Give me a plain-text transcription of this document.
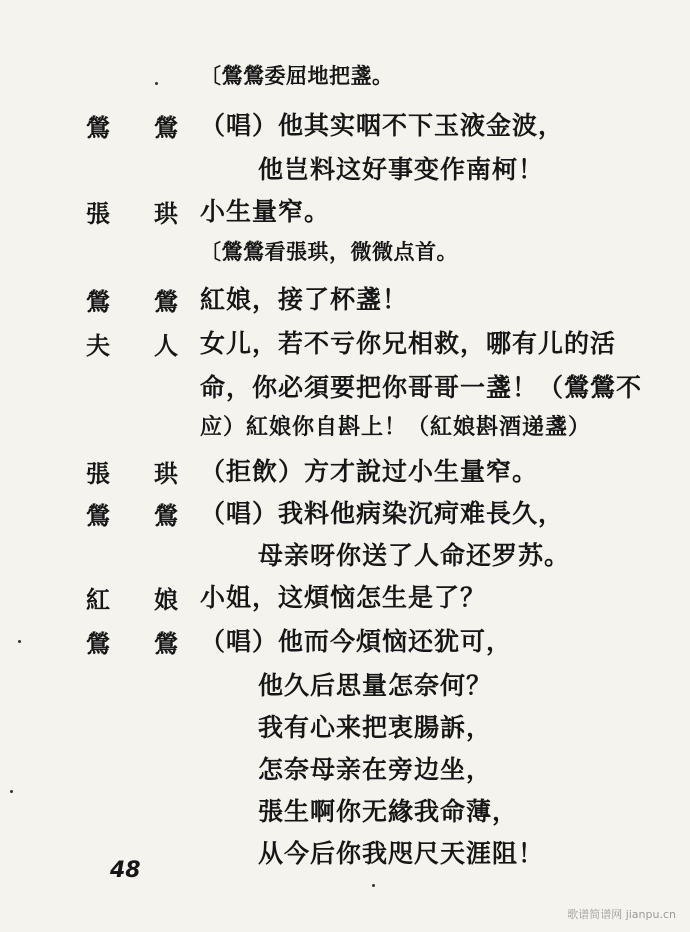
〔鶯鶯委屈地把盞。
鶯 鶯 （唱）他其实咽不下玉液金波，
他岂料这好事变作南柯！
張 珙 小生量窄。
〔鶯鶯看張珙，微微点首。
鶯 鶯 紅娘，接了杯盞！
夫 人 女儿，若不亏你兄相救，哪有儿的活
命，你必須要把你哥哥一盞！（鶯鶯不
应）紅娘你自斟上！（紅娘斟酒递盞）
張 珙 （拒飲）方才說过小生量窄。
鶯 鶯 （唱）我料他病染沉疴难長久，
母亲呀你送了人命还罗苏。
紅 娘 小姐，这煩恼怎生是了？
鶯 鶯 （唱）他而今煩恼还犹可，
他久后思量怎奈何？
我有心来把衷腸訴，
怎奈母亲在旁边坐，
張生啊你无緣我命薄，
从今后你我咫尺天涯阻！
48
歌谱简谱网 jianpu.cn
